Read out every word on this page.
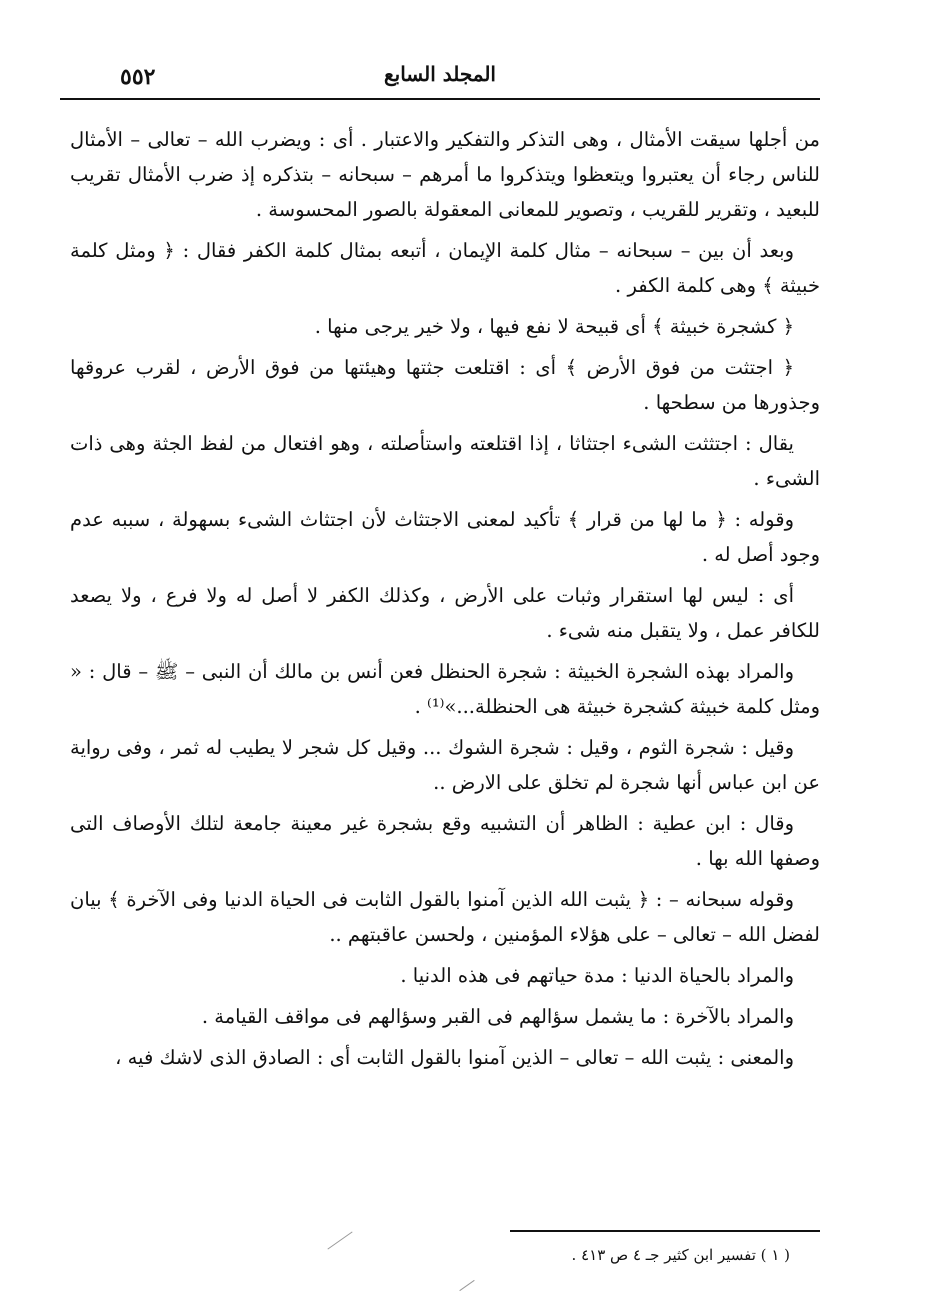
المجلد السابع
٥٥٢

من أجلها سيقت الأمثال ، وهى التذكر والتفكير والاعتبار . أى : ويضرب الله – تعالى – الأمثال للناس رجاء أن يعتبروا ويتعظوا ويتذكروا ما أمرهم – سبحانه – بتذكره إذ ضرب الأمثال تقريب للبعيد ، وتقرير للقريب ، وتصوير للمعانى المعقولة بالصور المحسوسة .

وبعد أن بين – سبحانه – مثال كلمة الإيمان ، أتبعه بمثال كلمة الكفر فقال : ﴿ ومثل كلمة خبيثة ﴾ وهى كلمة الكفر .

﴿ كشجرة خبيثة ﴾ أى قبيحة لا نفع فيها ، ولا خير يرجى منها .

﴿ اجتثت من فوق الأرض ﴾ أى : اقتلعت جثتها وهيئتها من فوق الأرض ، لقرب عروقها وجذورها من سطحها .

يقال : اجتثثت الشىء اجتثاثا ، إذا اقتلعته واستأصلته ، وهو افتعال من لفظ الجثة وهى ذات الشىء .

وقوله : ﴿ ما لها من قرار ﴾ تأكيد لمعنى الاجتثاث لأن اجتثاث الشىء بسهولة ، سببه عدم وجود أصل له .

أى : ليس لها استقرار وثبات على الأرض ، وكذلك الكفر لا أصل له ولا فرع ، ولا يصعد للكافر عمل ، ولا يتقبل منه شىء .

والمراد بهذه الشجرة الخبيثة : شجرة الحنظل فعن أنس بن مالك أن النبى – ﷺ – قال : « ومثل كلمة خبيثة كشجرة خبيثة هى الحنظلة...»⁽¹⁾ .

وقيل : شجرة الثوم ، وقيل : شجرة الشوك ... وقيل كل شجر لا يطيب له ثمر ، وفى رواية عن ابن عباس أنها شجرة لم تخلق على الارض ..

وقال : ابن عطية : الظاهر أن التشبيه وقع بشجرة غير معينة جامعة لتلك الأوصاف التى وصفها الله بها .

وقوله سبحانه – : ﴿ يثبت الله الذين آمنوا بالقول الثابت فى الحياة الدنيا وفى الآخرة ﴾ بيان لفضل الله – تعالى – على هؤلاء المؤمنين ، ولحسن عاقبتهم ..

والمراد بالحياة الدنيا : مدة حياتهم فى هذه الدنيا .

والمراد بالآخرة : ما يشمل سؤالهم فى القبر وسؤالهم فى مواقف القيامة .

والمعنى : يثبت الله – تعالى – الذين آمنوا بالقول الثابت أى : الصادق الذى لاشك فيه ،

( ١ ) تفسير ابن كثير جـ ٤ ص ٤١٣ .
